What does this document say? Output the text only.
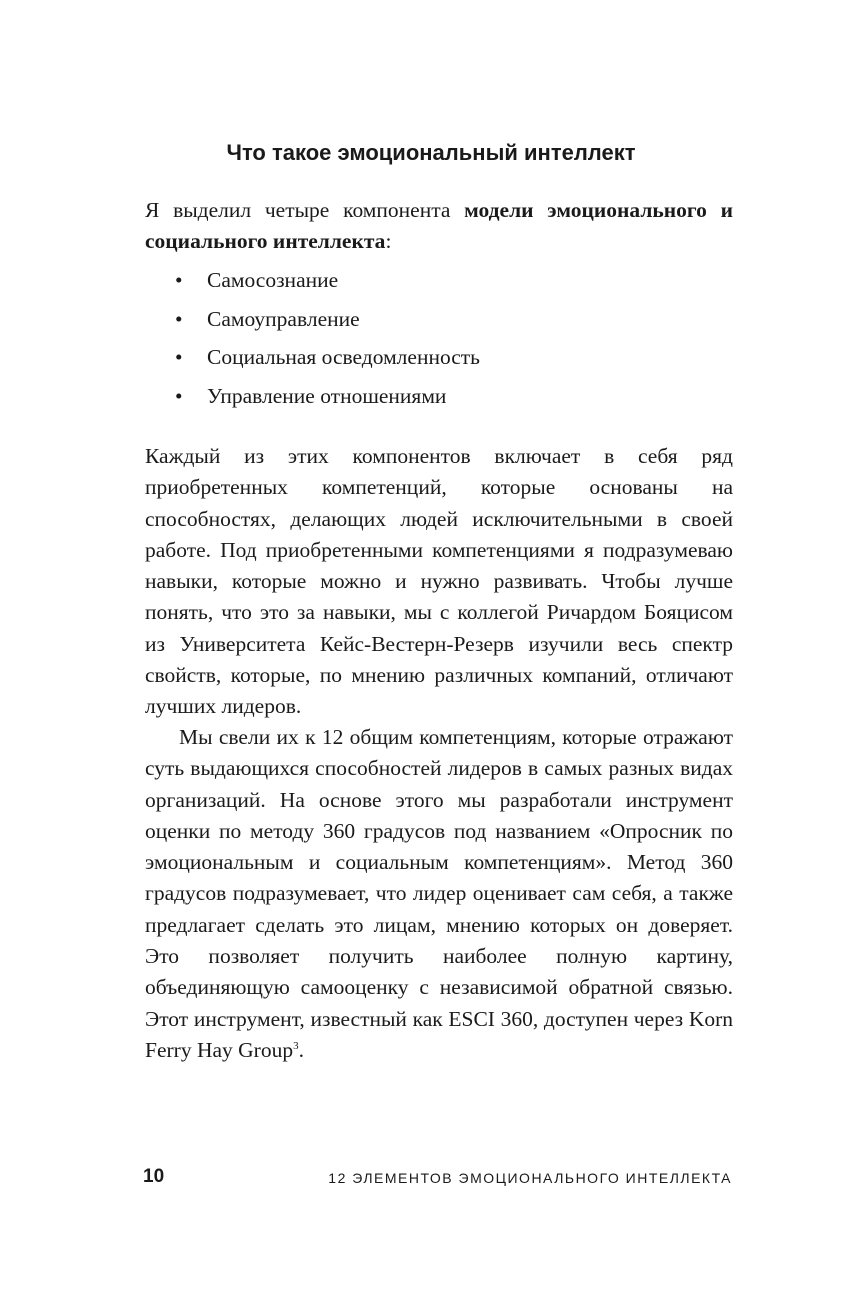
Что такое эмоциональный интеллект
Я выделил четыре компонента модели эмоционального и социального интеллекта:
• Самосознание
• Самоуправление
• Социальная осведомленность
• Управление отношениями
Каждый из этих компонентов включает в себя ряд приобретенных компетенций, которые основаны на способностях, делающих людей исключительными в своей работе. Под приобретенными компетенциями я подразумеваю навыки, которые можно и нужно развивать. Чтобы лучше понять, что это за навыки, мы с коллегой Ричардом Бояцисом из Университета Кейс-Вестерн-Резерв изучили весь спектр свойств, которые, по мнению различных компаний, отличают лучших лидеров.
Мы свели их к 12 общим компетенциям, которые отражают суть выдающихся способностей лидеров в самых разных видах организаций. На основе этого мы разработали инструмент оценки по методу 360 градусов под названием «Опросник по эмоциональным и социальным компетенциям». Метод 360 градусов подразумевает, что лидер оценивает сам себя, а также предлагает сделать это лицам, мнению которых он доверяет. Это позволяет получить наиболее полную картину, объединяющую самооценку с независимой обратной связью. Этот инструмент, известный как ESCI 360, доступен через Korn Ferry Hay Group$^3$.
10	12 ЭЛЕМЕНТОВ ЭМОЦИОНАЛЬНОГО ИНТЕЛЛЕКТА
